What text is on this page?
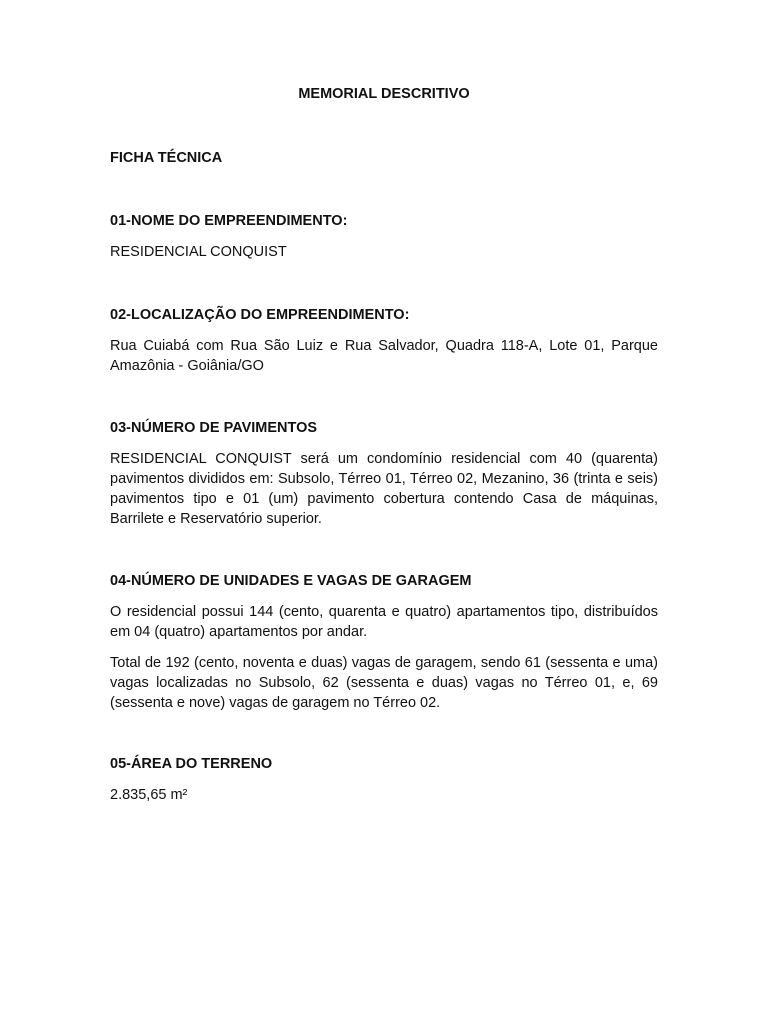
MEMORIAL DESCRITIVO
FICHA TÉCNICA
01-NOME DO EMPREENDIMENTO:
RESIDENCIAL CONQUIST
02-LOCALIZAÇÃO DO EMPREENDIMENTO:
Rua Cuiabá com Rua São Luiz e Rua Salvador, Quadra 118-A, Lote 01, Parque Amazônia - Goiânia/GO
03-NÚMERO DE PAVIMENTOS
RESIDENCIAL CONQUIST será um condomínio residencial com 40 (quarenta) pavimentos divididos em: Subsolo, Térreo 01, Térreo 02, Mezanino, 36 (trinta e seis) pavimentos tipo e 01 (um) pavimento cobertura contendo Casa de máquinas, Barrilete e Reservatório superior.
04-NÚMERO DE UNIDADES E VAGAS DE GARAGEM
O residencial possui 144 (cento, quarenta e quatro) apartamentos tipo, distribuídos em 04 (quatro) apartamentos por andar.
Total de 192 (cento, noventa e duas) vagas de garagem, sendo 61 (sessenta e uma) vagas localizadas no Subsolo, 62 (sessenta e duas) vagas no Térreo 01, e, 69 (sessenta e nove) vagas de garagem no Térreo 02.
05-ÁREA DO TERRENO
2.835,65 m²
